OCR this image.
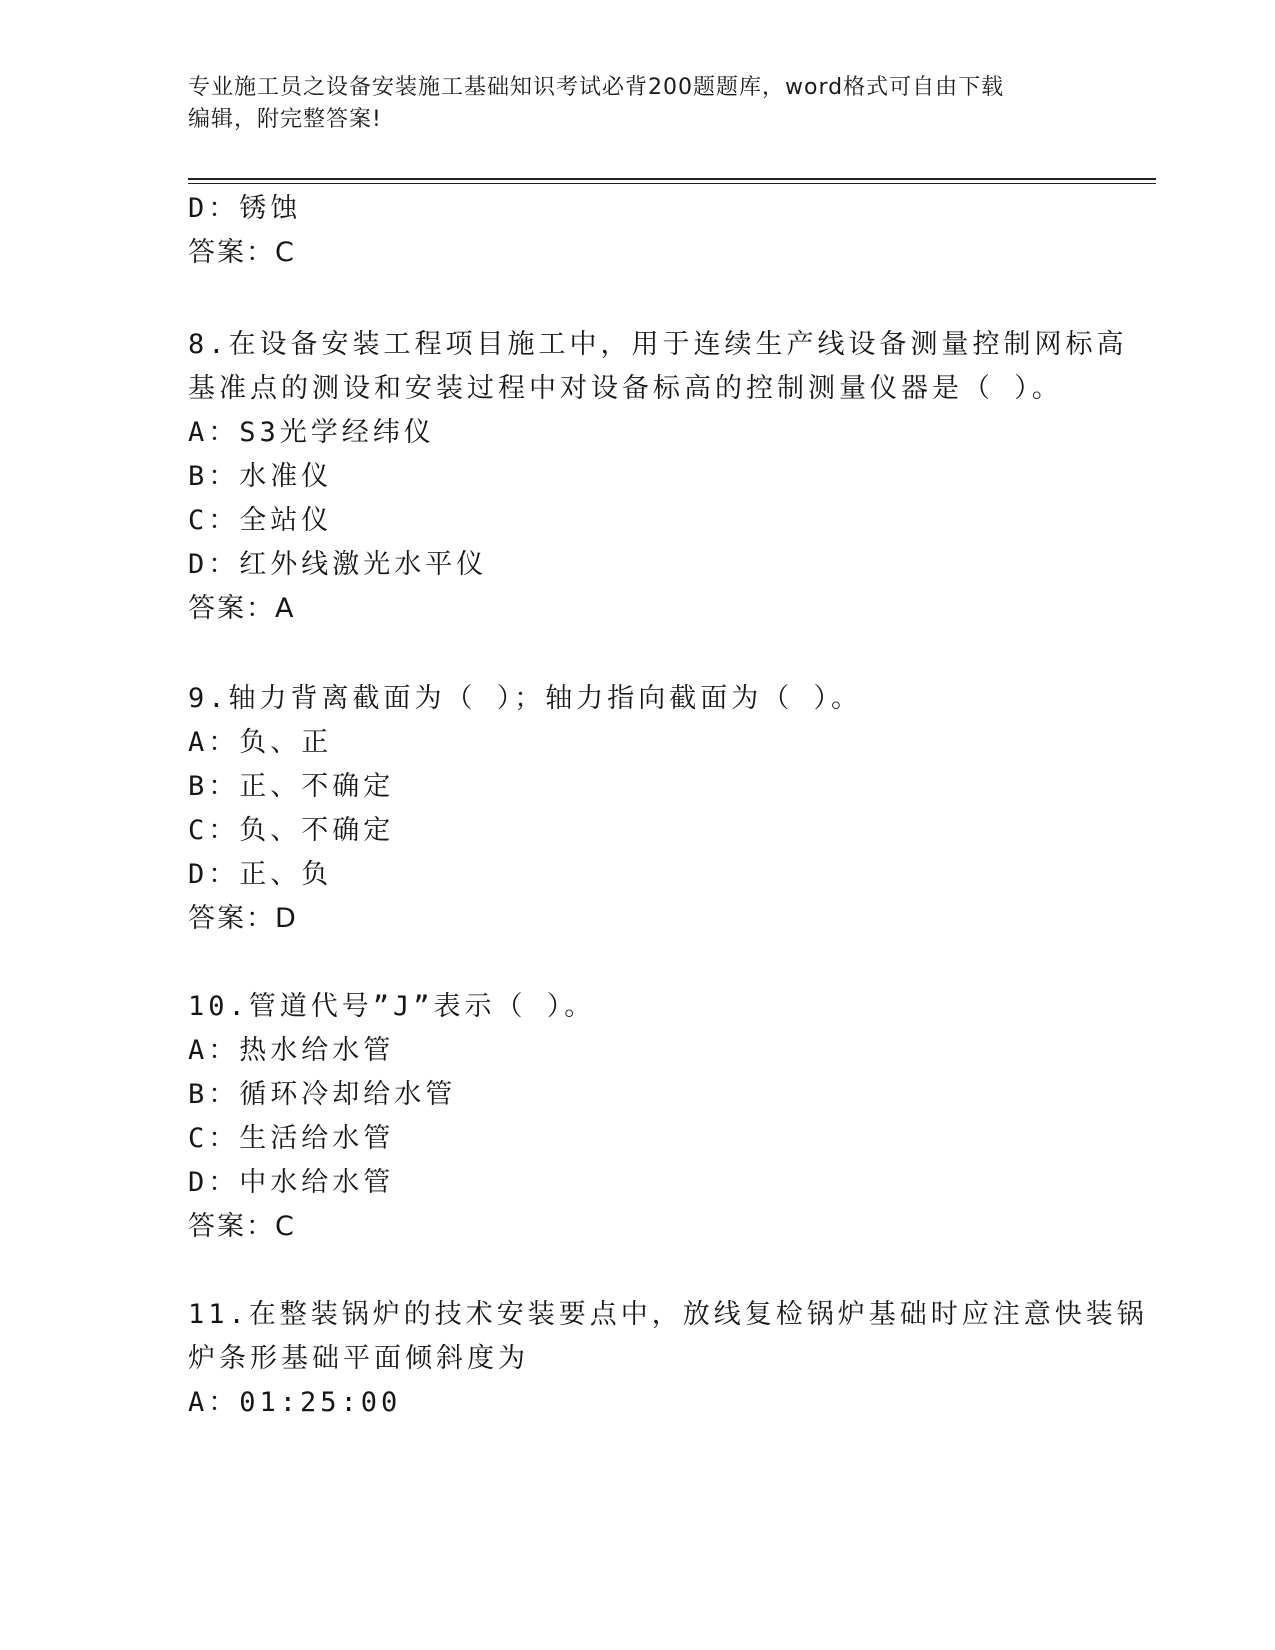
专业施工员之设备安装施工基础知识考试必背200题题库，word格式可自由下载
编辑，附完整答案!
D：锈蚀
答案：C
8.在设备安装工程项目施工中，用于连续生产线设备测量控制网标高
基准点的测设和安装过程中对设备标高的控制测量仪器是（ ）。
A：S3光学经纬仪
B：水准仪
C：全站仪
D：红外线激光水平仪
答案：A
9.轴力背离截面为（ ）；轴力指向截面为（ ）。
A：负、正
B：正、不确定
C：负、不确定
D：正、负
答案：D
10.管道代号”J”表示（ ）。
A：热水给水管
B：循环冷却给水管
C：生活给水管
D：中水给水管
答案：C
11.在整装锅炉的技术安装要点中，放线复检锅炉基础时应注意快装锅
炉条形基础平面倾斜度为
A：01:25:00
